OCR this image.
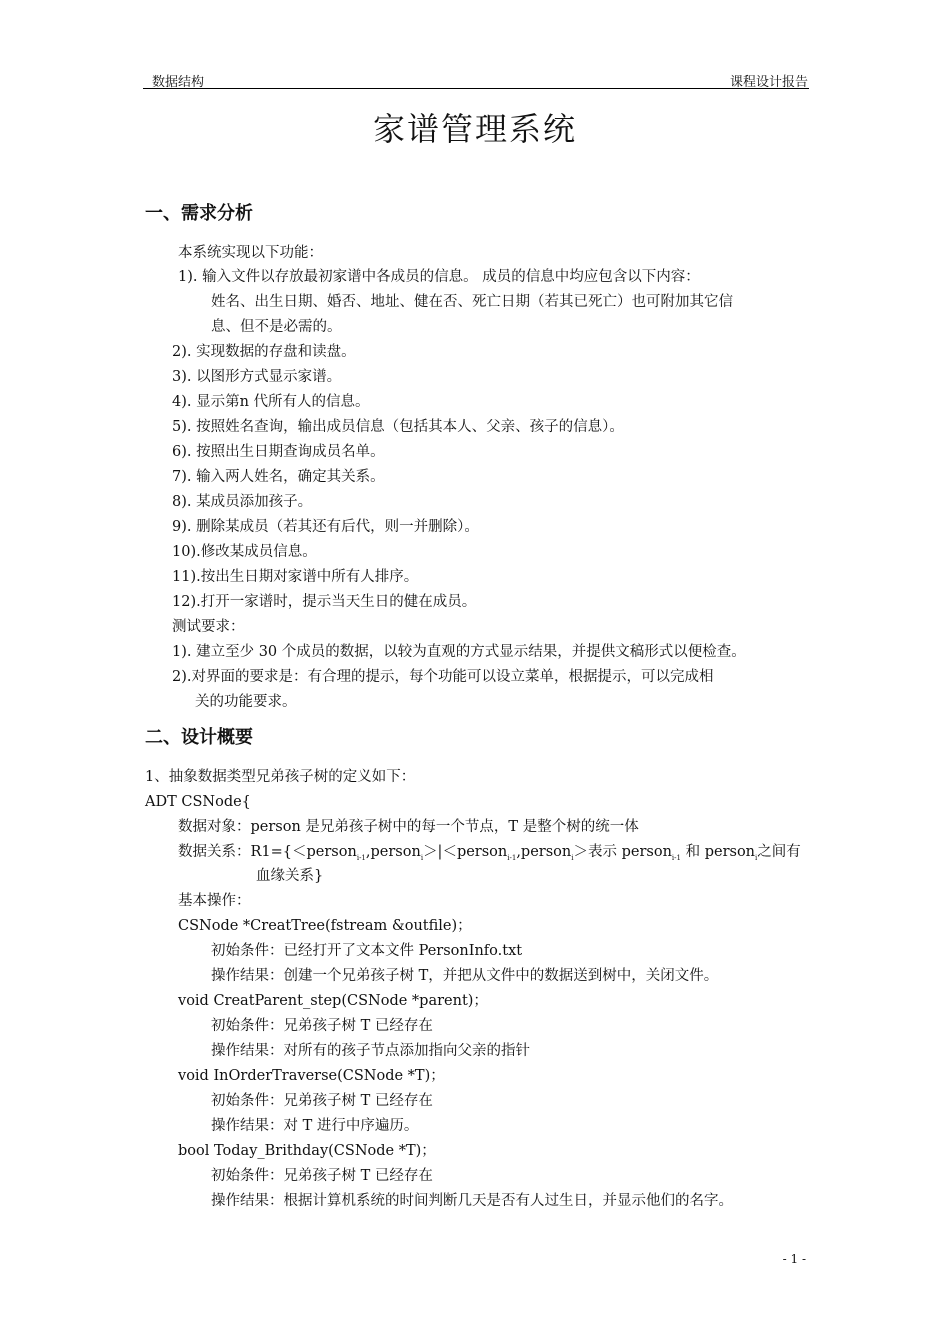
数据结构	课程设计报告
家谱管理系统
一、需求分析
本系统实现以下功能：
1). 输入文件以存放最初家谱中各成员的信息。 成员的信息中均应包含以下内容：
姓名、出生日期、婚否、地址、健在否、死亡日期（若其已死亡）也可附加其它信
息、但不是必需的。
2). 实现数据的存盘和读盘。
3). 以图形方式显示家谱。
4). 显示第n 代所有人的信息。
5). 按照姓名查询，输出成员信息（包括其本人、父亲、孩子的信息）。
6). 按照出生日期查询成员名单。
7). 输入两人姓名，确定其关系。
8). 某成员添加孩子。
9). 删除某成员（若其还有后代，则一并删除）。
10).修改某成员信息。
11).按出生日期对家谱中所有人排序。
12).打开一家谱时，提示当天生日的健在成员。
测试要求：
1). 建立至少 30 个成员的数据，以较为直观的方式显示结果，并提供文稿形式以便检查。
2).对界面的要求是：有合理的提示，每个功能可以设立菜单，根据提示，可以完成相
关的功能要求。
二、设计概要
1、抽象数据类型兄弟孩子树的定义如下：
ADT CSNode{
数据对象：person 是兄弟孩子树中的每一个节点，T 是整个树的统一体
数据关系：R1={＜person$_{i-1}$,person$_i$＞|＜person$_{i-1}$,person$_i$＞表示 person$_{i-1}$ 和 person$_i$之间有
血缘关系}
基本操作：
CSNode *CreatTree(fstream &outfile)；
初始条件：已经打开了文本文件 PersonInfo.txt
操作结果：创建一个兄弟孩子树 T，并把从文件中的数据送到树中，关闭文件。
void CreatParent_step(CSNode *parent)；
初始条件：兄弟孩子树 T 已经存在
操作结果：对所有的孩子节点添加指向父亲的指针
void InOrderTraverse(CSNode *T)；
初始条件：兄弟孩子树 T 已经存在
操作结果：对 T 进行中序遍历。
bool Today_Brithday(CSNode *T)；
初始条件：兄弟孩子树 T 已经存在
操作结果：根据计算机系统的时间判断几天是否有人过生日，并显示他们的名字。
- 1 -
